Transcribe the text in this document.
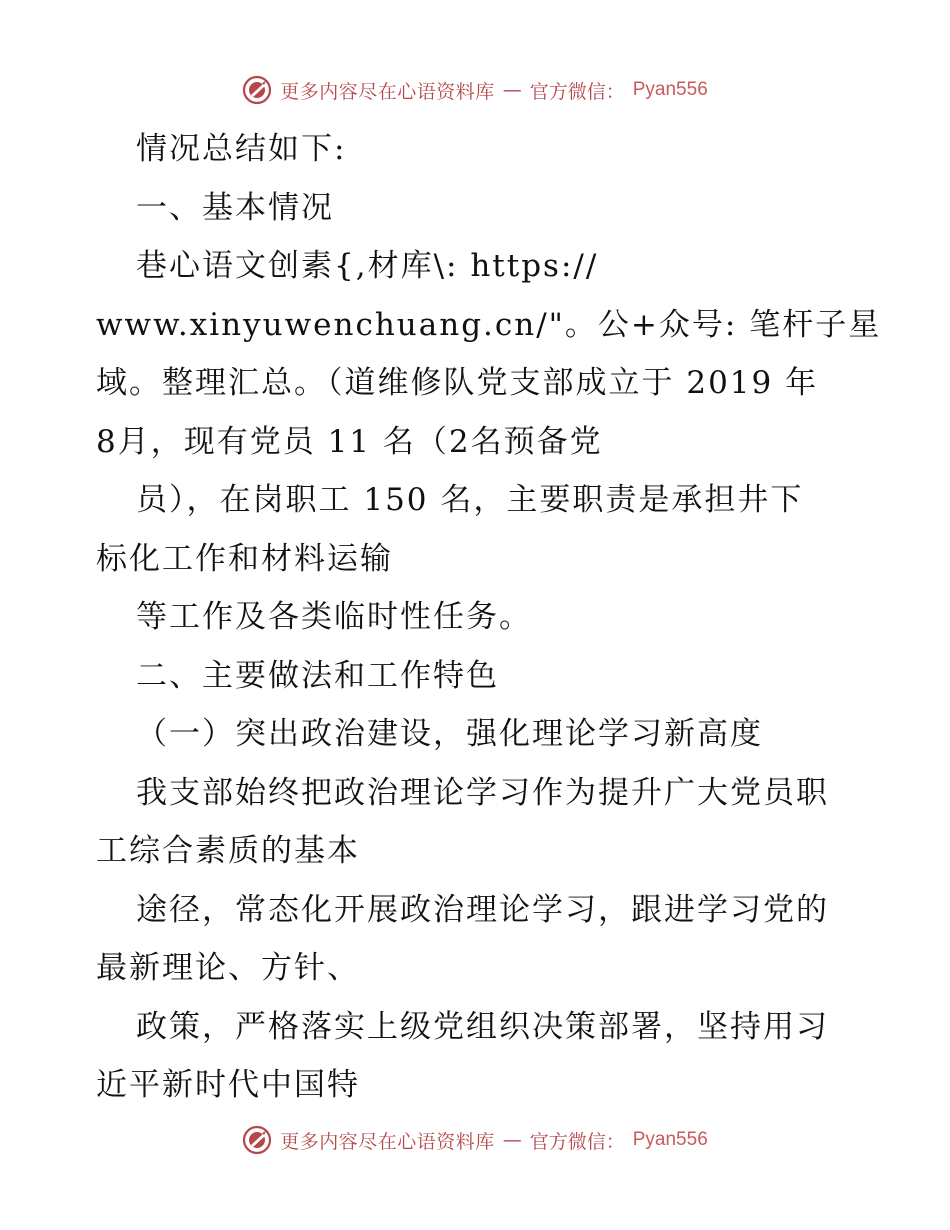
更多内容尽在心语资料库 — 官方微信： Pyan556
情况总结如下:
一、基本情况
巷心语文创素{,材库\: https://
www.xinyuwenchuang.cn/"。公+众号: 笔杆子星
域。整理汇总。（道维修队党支部成立于 2019 年
8月，现有党员 11 名（2名预备党
员），在岗职工 150 名，主要职责是承担井下
标化工作和材料运输
等工作及各类临时性任务。
二、主要做法和工作特色
（一）突出政治建设，强化理论学习新高度
我支部始终把政治理论学习作为提升广大党员职
工综合素质的基本
途径，常态化开展政治理论学习，跟进学习党的
最新理论、方针、
政策，严格落实上级党组织决策部署，坚持用习
近平新时代中国特
更多内容尽在心语资料库 — 官方微信： Pyan556
